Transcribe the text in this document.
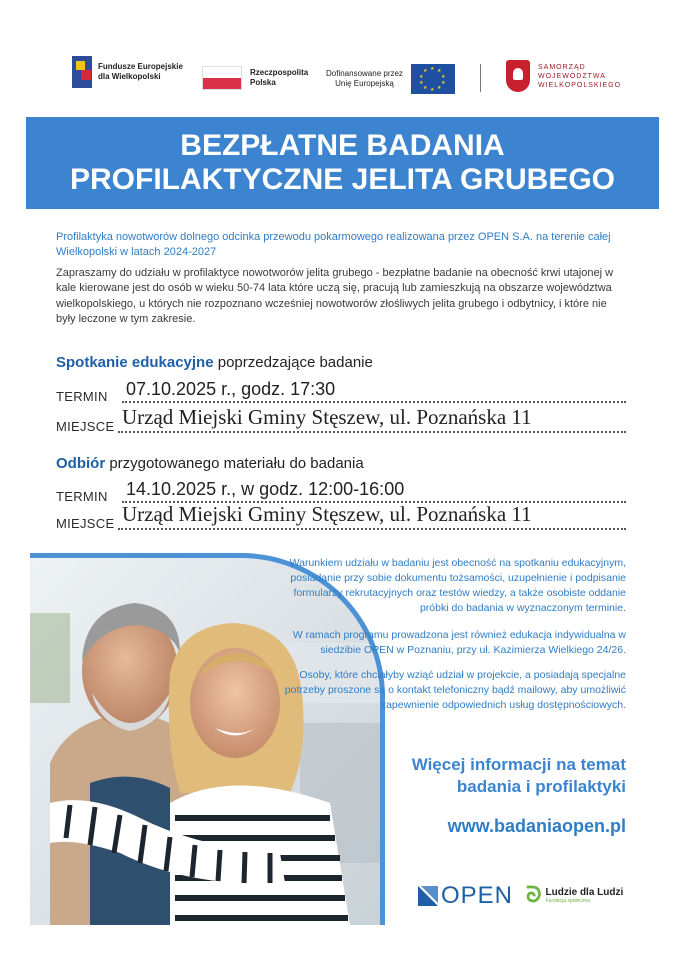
Fundusze Europejskie
dla Wielkopolski	Rzeczpospolita
Polska
Dofinansowane przez
Unię Europejską
★ ★
★
★
★
★
★
★
★
★
SAMORZĄD
WOJEWÓDZTWA
WIELKOPOLSKIEGO
BEZPŁATNE BADANIA
PROFILAKTYCZNE JELITA GRUBEGO
Profilaktyka nowotworów dolnego odcinka przewodu pokarmowego realizowana przez OPEN S.A. na terenie całej Wielkopolski w latach 2024-2027
Zapraszamy do udziału w profilaktyce nowotworów jelita grubego - bezpłatne badanie na obecność krwi utajonej w kale kierowane jest do osób w wieku 50-74 lata które uczą się, pracują lub zamieszkują na obszarze województwa wielkopolskiego, u których nie rozpoznano wcześniej nowotworów złośliwych jelita grubego i odbytnicy, i które nie były leczone w tym zakresie.
Spotkanie edukacyjne poprzedzające badanie
TERMIN 07.10.2025 r., godz. 17:30
MIEJSCE Urząd Miejski Gminy Stęszew, ul. Poznańska 11
Odbiór przygotowanego materiału do badania
TERMIN 14.10.2025 r., w godz. 12:00-16:00
MIEJSCE Urząd Miejski Gminy Stęszew, ul. Poznańska 11
Warunkiem udziału w badaniu jest obecność na spotkaniu edukacyjnym, posiadanie przy sobie dokumentu tożsamości, uzupełnienie i podpisanie formularzy rekrutacyjnych oraz testów wiedzy, a także osobiste oddanie próbki do badania w wyznaczonym terminie.
W ramach programu prowadzona jest również edukacja indywidualna w siedzibie OPEN w Poznaniu, przy ul. Kazimierza Wielkiego 24/26.
Osoby, które chciałyby wziąć udział w projekcie, a posiadają specjalne potrzeby proszone są o kontakt telefoniczny bądź mailowy, aby umożliwić zapewnienie odpowiednich usług dostępnościowych.
Więcej informacji na temat
badania i profilaktyki
www.badaniaopen.pl
OPEN ᘐ Ludzie dla Ludzi
Fundacja społeczna
